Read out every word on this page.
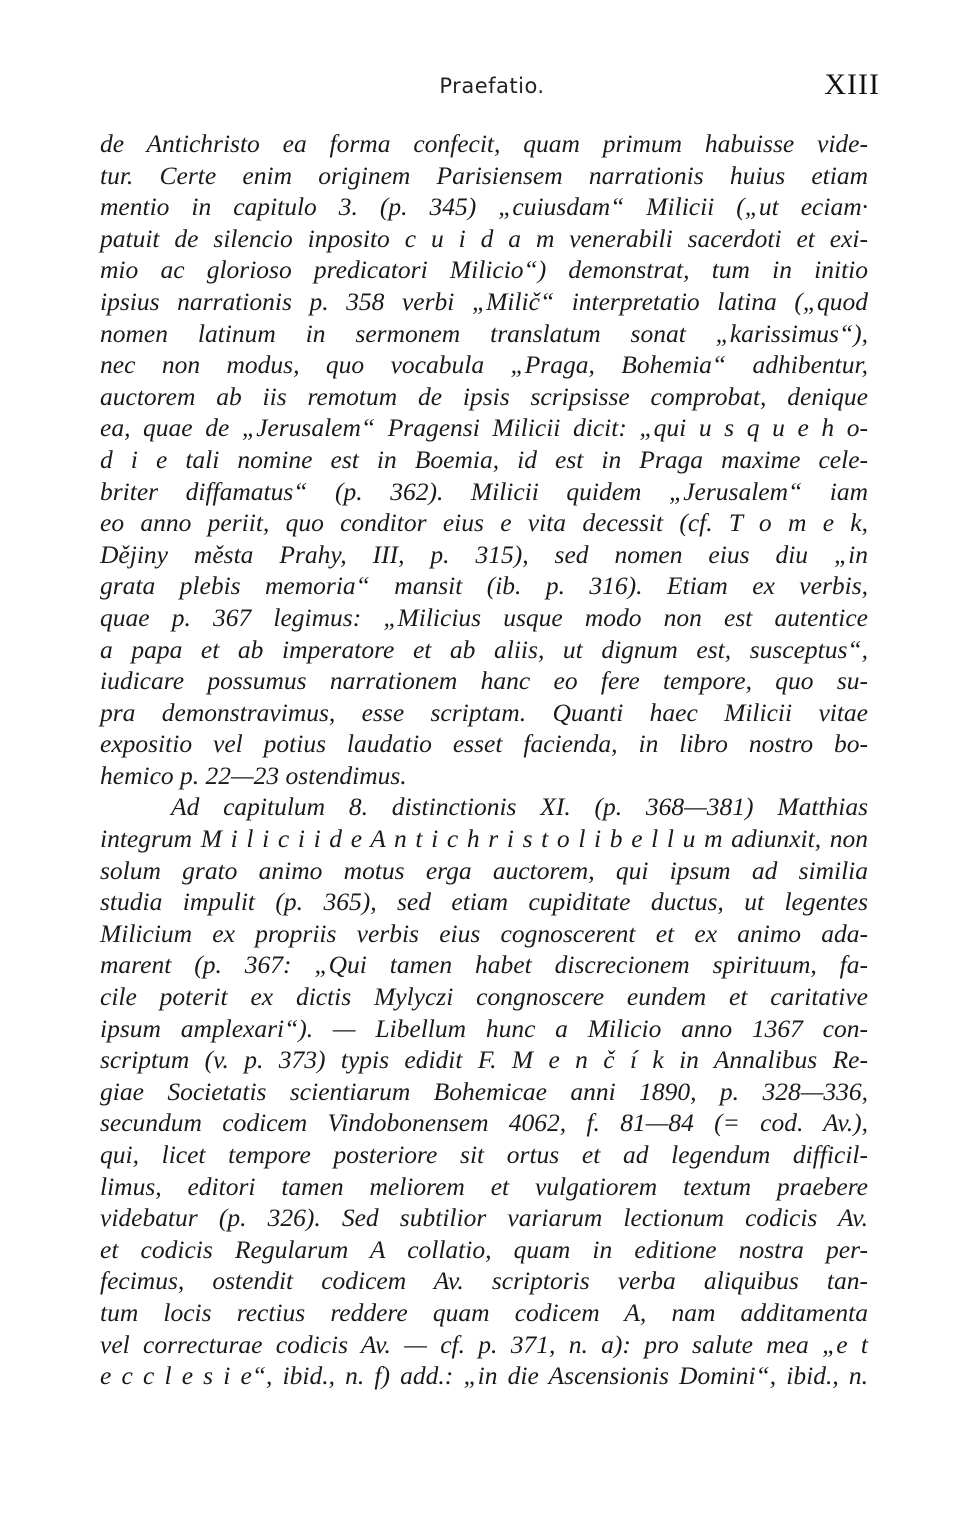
Praefatio.	XIII
de Antichristo ea forma confecit, quam primum habuisse vide-
tur. Certe enim originem Parisiensem narrationis huius etiam
mentio in capitulo 3. (p. 345) „cuiusdam“ Milicii („ut eciam·
patuit de silencio inposito c u i d a m venerabili sacerdoti et exi-
mio ac glorioso predicatori Milicio“) demonstrat, tum in initio
ipsius narrationis p. 358 verbi „Milič“ interpretatio latina („quod
nomen latinum in sermonem translatum sonat „karissimus“),
nec non modus, quo vocabula „Praga, Bohemia“ adhibentur,
auctorem ab iis remotum de ipsis scripsisse comprobat, denique
ea, quae de „Jerusalem“ Pragensi Milicii dicit: „qui u s q u e h o-
d i e tali nomine est in Boemia, id est in Praga maxime cele-
briter diffamatus“ (p. 362). Milicii quidem „Jerusalem“ iam
eo anno periit, quo conditor eius e vita decessit (cf. T o m e k,
Dějiny města Prahy, III, p. 315), sed nomen eius diu „in
grata plebis memoria“ mansit (ib. p. 316). Etiam ex verbis,
quae p. 367 legimus: „Milicius usque modo non est autentice
a papa et ab imperatore et ab aliis, ut dignum est, susceptus“,
iudicare possumus narrationem hanc eo fere tempore, quo su-
pra demonstravimus, esse scriptam. Quanti haec Milicii vitae
expositio vel potius laudatio esset facienda, in libro nostro bo-
hemico p. 22—23 ostendimus.
Ad capitulum 8. distinctionis XI. (p. 368—381) Matthias
integrum M i l i c i i d e A n t i c h r i s t o l i b e l l u m adiunxit, non
solum grato animo motus erga auctorem, qui ipsum ad similia
studia impulit (p. 365), sed etiam cupiditate ductus, ut legentes
Milicium ex propriis verbis eius cognoscerent et ex animo ada-
marent (p. 367: „Qui tamen habet discrecionem spirituum, fa-
cile poterit ex dictis Mylyczi congnoscere eundem et caritative
ipsum amplexari“). — Libellum hunc a Milicio anno 1367 con-
scriptum (v. p. 373) typis edidit F. M e n č í k in Annalibus Re-
giae Societatis scientiarum Bohemicae anni 1890, p. 328—336,
secundum codicem Vindobonensem 4062, f. 81—84 (= cod. Av.),
qui, licet tempore posteriore sit ortus et ad legendum difficil-
limus, editori tamen meliorem et vulgatiorem textum praebere
videbatur (p. 326). Sed subtilior variarum lectionum codicis Av.
et codicis Regularum A collatio, quam in editione nostra per-
fecimus, ostendit codicem Av. scriptoris verba aliquibus tan-
tum locis rectius reddere quam codicem A, nam additamenta
vel correcturae codicis Av. — cf. p. 371, n. a): pro salute mea „e t
e c c l e s i e“, ibid., n. f) add.: „in die Ascensionis Domini“, ibid., n.
